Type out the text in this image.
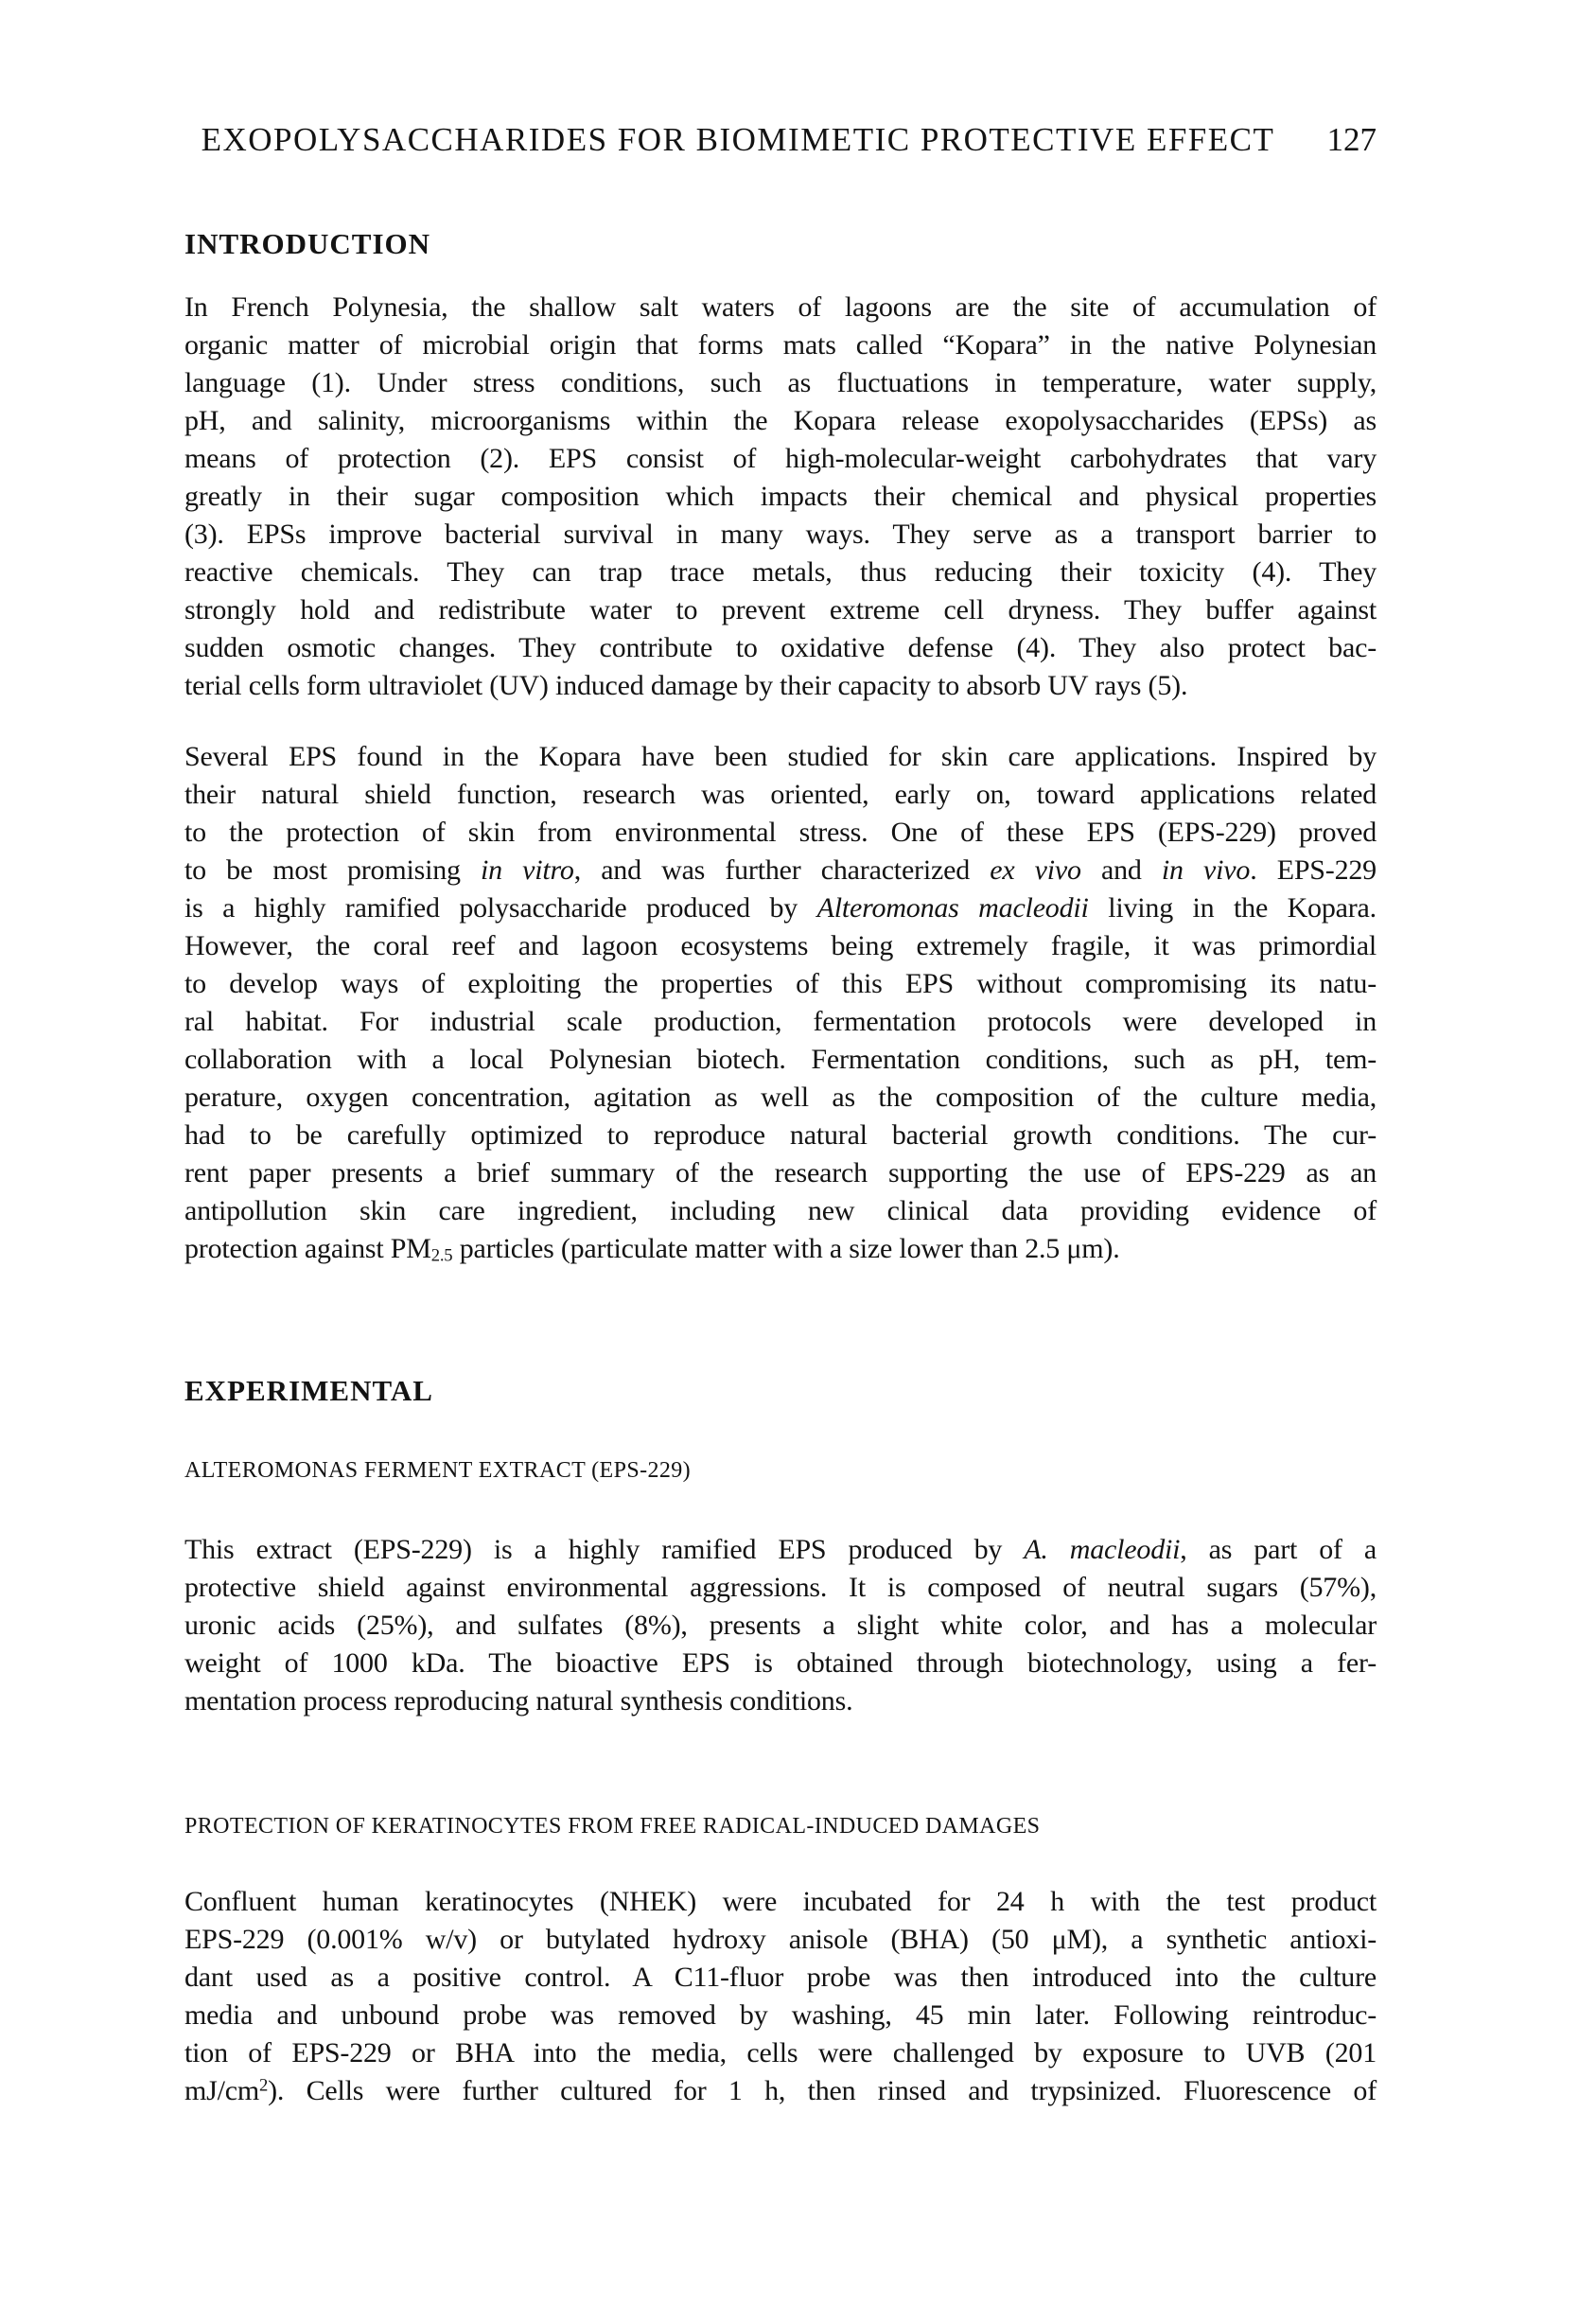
EXOPOLYSACCHARIDES FOR BIOMIMETIC PROTECTIVE EFFECT	127
INTRODUCTION
In French Polynesia, the shallow salt waters of lagoons are the site of accumulation of
organic matter of microbial origin that forms mats called “Kopara” in the native Polynesian
language (1). Under stress conditions, such as fluctuations in temperature, water supply,
pH, and salinity, microorganisms within the Kopara release exopolysaccharides (EPSs) as
means of protection (2). EPS consist of high-molecular-weight carbohydrates that vary
greatly in their sugar composition which impacts their chemical and physical properties
(3). EPSs improve bacterial survival in many ways. They serve as a transport barrier to
reactive chemicals. They can trap trace metals, thus reducing their toxicity (4). They
strongly hold and redistribute water to prevent extreme cell dryness. They buffer against
sudden osmotic changes. They contribute to oxidative defense (4). They also protect bac-
terial cells form ultraviolet (UV) induced damage by their capacity to absorb UV rays (5).
Several EPS found in the Kopara have been studied for skin care applications. Inspired by
their natural shield function, research was oriented, early on, toward applications related
to the protection of skin from environmental stress. One of these EPS (EPS-229) proved
to be most promising in vitro, and was further characterized ex vivo and in vivo. EPS-229
is a highly ramified polysaccharide produced by Alteromonas macleodii living in the Kopara.
However, the coral reef and lagoon ecosystems being extremely fragile, it was primordial
to develop ways of exploiting the properties of this EPS without compromising its natu-
ral habitat. For industrial scale production, fermentation protocols were developed in
collaboration with a local Polynesian biotech. Fermentation conditions, such as pH, tem-
perature, oxygen concentration, agitation as well as the composition of the culture media,
had to be carefully optimized to reproduce natural bacterial growth conditions. The cur-
rent paper presents a brief summary of the research supporting the use of EPS-229 as an
antipollution skin care ingredient, including new clinical data providing evidence of
protection against $PM_{2.5}$ particles (particulate matter with a size lower than 2.5 μm).
EXPERIMENTAL
ALTEROMONAS FERMENT EXTRACT (EPS-229)
This extract (EPS-229) is a highly ramified EPS produced by A. macleodii, as part of a
protective shield against environmental aggressions. It is composed of neutral sugars (57%),
uronic acids (25%), and sulfates (8%), presents a slight white color, and has a molecular
weight of 1000 kDa. The bioactive EPS is obtained through biotechnology, using a fer-
mentation process reproducing natural synthesis conditions.
PROTECTION OF KERATINOCYTES FROM FREE RADICAL-INDUCED DAMAGES
Confluent human keratinocytes (NHEK) were incubated for 24 h with the test product
EPS-229 (0.001% w/v) or butylated hydroxy anisole (BHA) (50 μM), a synthetic antioxi-
dant used as a positive control. A C11-fluor probe was then introduced into the culture
media and unbound probe was removed by washing, 45 min later. Following reintroduc-
tion of EPS-229 or BHA into the media, cells were challenged by exposure to UVB (201
$mJ/cm^2$). Cells were further cultured for 1 h, then rinsed and trypsinized. Fluorescence of
